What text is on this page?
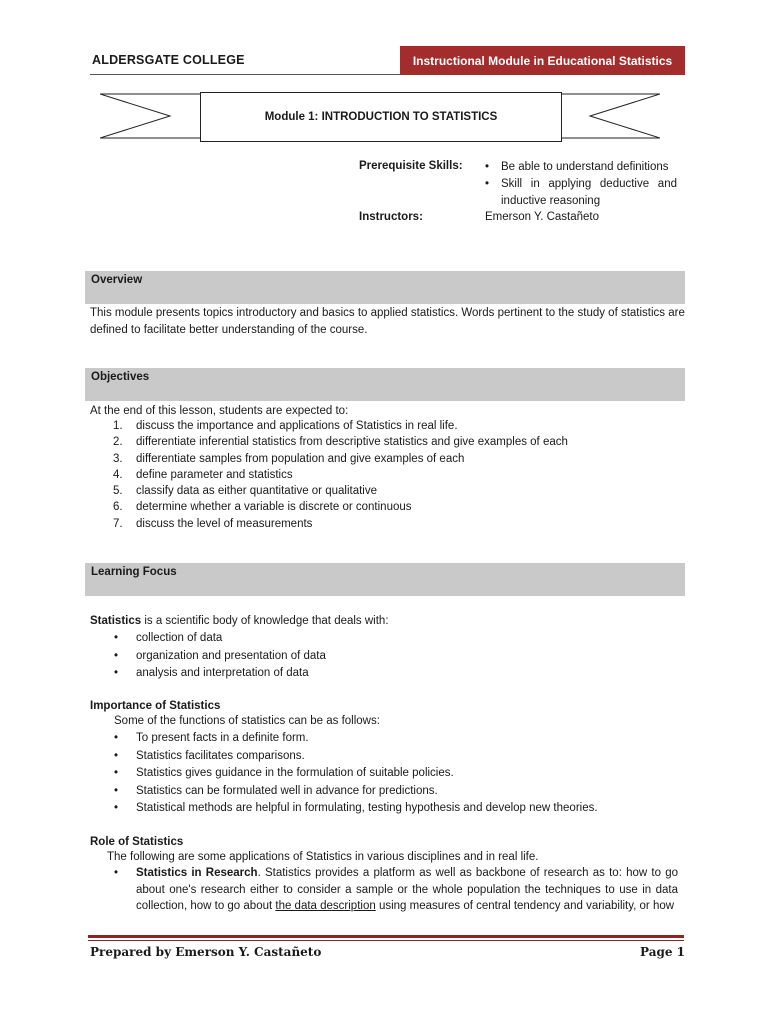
ALDERSGATE COLLEGE	Instructional Module in Educational Statistics
Module 1: INTRODUCTION TO STATISTICS
Prerequisite Skills:
•	Be able to understand definitions
• Skill in applying deductive and inductive reasoning
Instructors:	Emerson Y. Castañeto
Overview
This module presents topics introductory and basics to applied statistics. Words pertinent to the study of statistics are defined to facilitate better understanding of the course.
Objectives
At the end of this lesson, students are expected to:
1. discuss the importance and applications of Statistics in real life.
2. differentiate inferential statistics from descriptive statistics and give examples of each
3. differentiate samples from population and give examples of each
4. define parameter and statistics
5. classify data as either quantitative or qualitative
6. determine whether a variable is discrete or continuous
7. discuss the level of measurements
Learning Focus
Statistics is a scientific body of knowledge that deals with:
• collection of data
• organization and presentation of data
• analysis and interpretation of data
Importance of Statistics
Some of the functions of statistics can be as follows:
• To present facts in a definite form.
• Statistics facilitates comparisons.
• Statistics gives guidance in the formulation of suitable policies.
• Statistics can be formulated well in advance for predictions.
• Statistical methods are helpful in formulating, testing hypothesis and develop new theories.
Role of Statistics
The following are some applications of Statistics in various disciplines and in real life.
• Statistics in Research. Statistics provides a platform as well as backbone of research as to: how to go about one's research either to consider a sample or the whole population the techniques to use in data collection, how to go about the data description using measures of central tendency and variability, or how
Prepared by Emerson Y. Castañeto	Page 1
